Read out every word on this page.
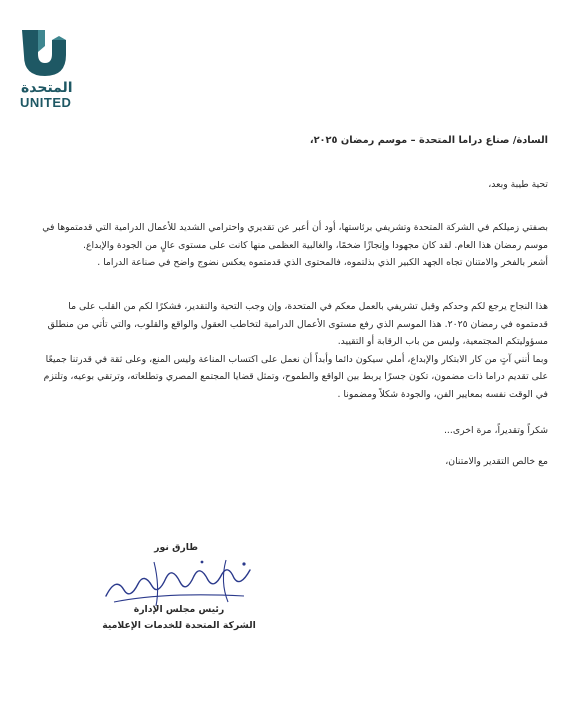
المتحدة
UNITED

السادة/ صناع دراما المتحدة – موسم رمضان ٢٠٢٥،

تحية طيبة وبعد،

بصفتي زميلكم في الشركة المتحدة وتشريفي برئاستها، أود أن أعبر عن تقديري واحترامي الشديد للأعمال الدرامية التي قدمتموها في موسم رمضان هذا العام. لقد كان مجهودا وإنجازًا ضخمًا، والغالبية العظمى منها كانت على مستوى عالٍ من الجودة والإبداع.

أشعر بالفخر والامتنان تجاه الجهد الكبير الذي بذلتموه، فالمحتوى الذي قدمتموه يعكس نضوج واضح في صناعة الدراما .

هذا النجاح يرجع لكم وحدكم وقبل تشريفي بالعمل معكم في المتحدة، وإن وجب التحية والتقدير، فشكرًا لكم من القلب على ما قدمتموه في رمضان ٢٠٢٥. هذا الموسم الذي رفع مستوى الأعمال الدرامية لتخاطب العقول والواقع والقلوب، والتي تأتي من منطلق مسؤوليتكم المجتمعية، وليس من باب الرقابة أو التقييد.

وبما أنني آتٍ من كار الابتكار والإبداع، أملي سيكون دائما وأبداً أن نعمل على اكتساب المناعة وليس المنع، وعلى ثقة في قدرتنا جميعًا على تقديم دراما ذات مضمون، تكون جسرًا يربط بين الواقع والطموح، وتمثل قضايا المجتمع المصري وتطلعاته، وترتقي بوعيه، وتلتزم في الوقت نفسه بمعايير الفن، والجودة شكلاً ومضمونا .

شكراً وتقديراً، مرة اخرى...

مع خالص التقدير والامتنان،

طارق نور
رئيس مجلس الإدارة
الشركة المتحدة للخدمات الإعلامية
